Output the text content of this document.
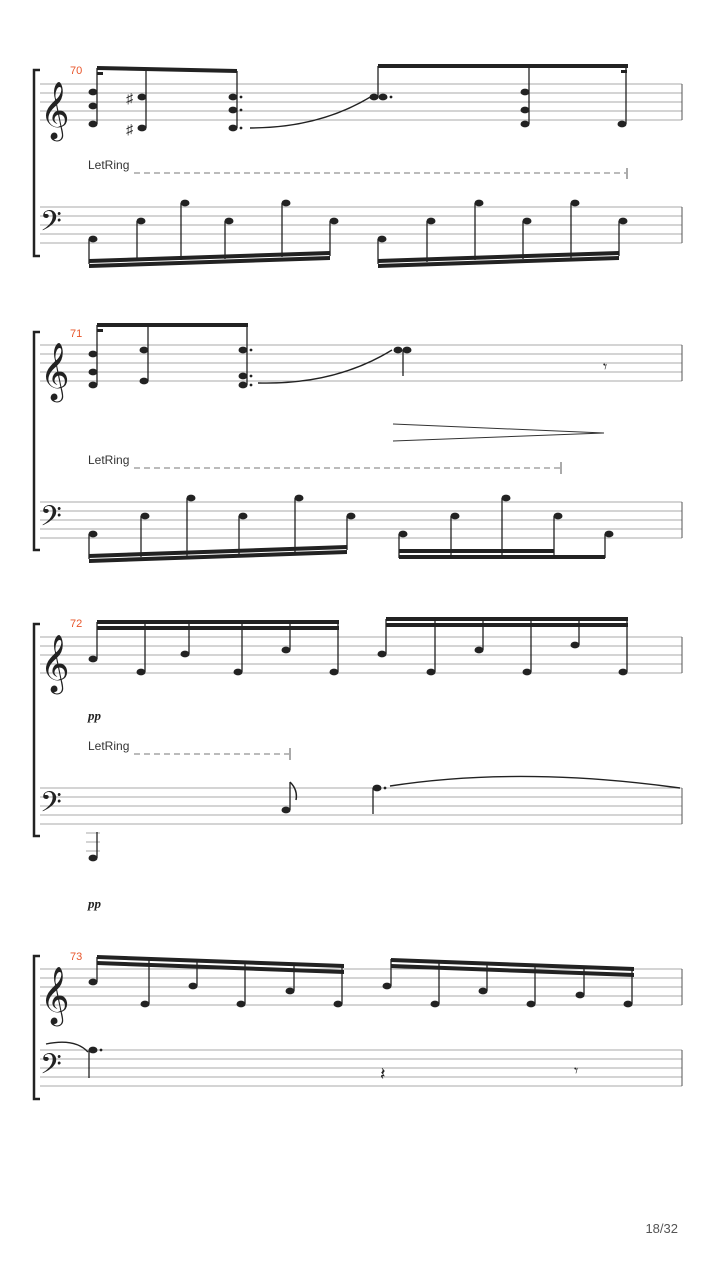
𝄞
70
♯
♯
LetRing
𝄢
𝄞
71
𝄾
LetRing
𝄢
𝄞
72
pp
LetRing
𝄢
pp
𝄞
73
𝄢	𝄽	𝄾
18/32
